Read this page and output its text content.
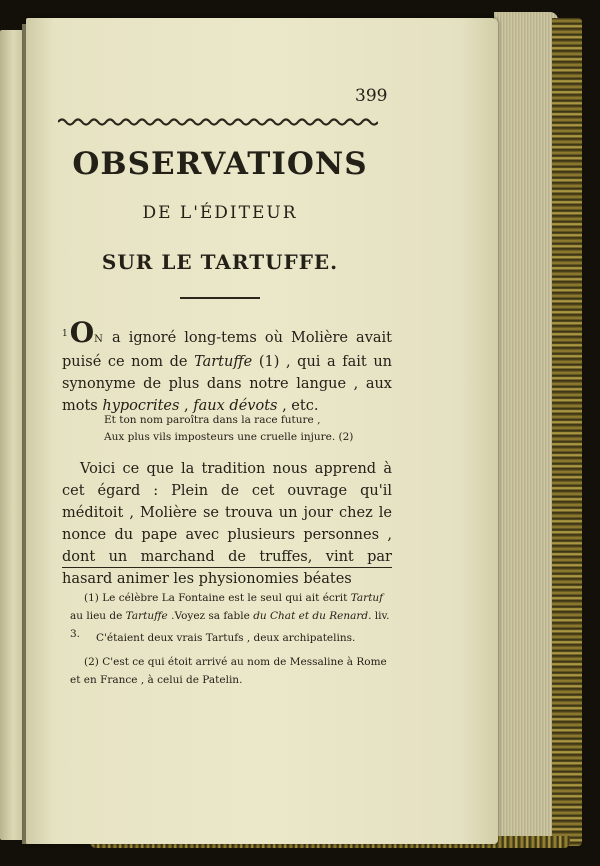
399
OBSERVATIONS
DE L'ÉDITEUR
SUR LE TARTUFFE.
$^1$ON a ignoré long-tems où Molière avait puisé ce nom de Tartuffe (1) , qui a fait un synonyme de plus dans notre langue , aux mots hypocrites , faux dévots , etc.
Et ton nom paroîtra dans la race future ,
Aux plus vils imposteurs une cruelle injure. (2)
Voici ce que la tradition nous apprend à cet égard : Plein de cet ouvrage qu'il méditoit , Molière se trouva un jour chez le nonce du pape avec plusieurs personnes , dont un marchand de truffes, vint par hasard animer les physionomies béates
(1) Le célèbre La Fontaine est le seul qui ait écrit Tartuf au lieu de Tartuffe .Voyez sa fable du Chat et du Renard. liv. 3.	C'étaient deux vrais Tartufs , deux archipatelins.
(2) C'est ce qui étoit arrivé au nom de Messaline à Rome et en France , à celui de Patelin.
